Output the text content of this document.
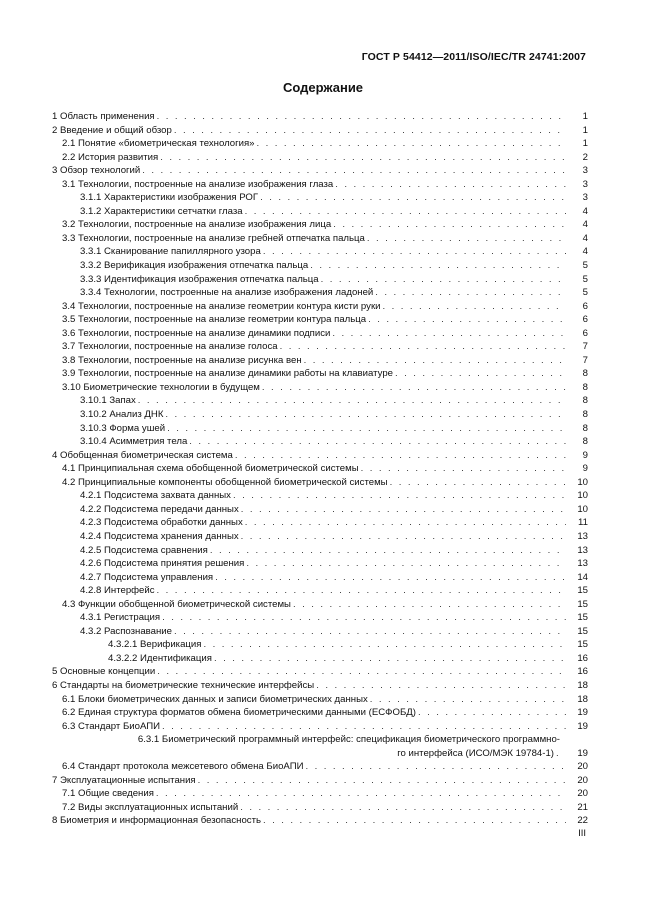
ГОСТ Р 54412—2011/ISO/IEC/TR 24741:2007
Содержание
1 Область применения . . .	1
2 Введение и общий обзор . . .	1
2.1 Понятие «биометрическая технология» . . .	1
2.2 История развития . . .	2
3 Обзор технологий . . .	3
3.1 Технологии, построенные на анализе изображения глаза . . .	3
3.1.1 Характеристики изображения РОГ . . .	3
3.1.2 Характеристики сетчатки глаза . . .	4
3.2 Технологии, построенные на анализе изображения лица . . .	4
3.3 Технологии, построенные на анализе гребней отпечатка пальца . . .	4
3.3.1 Сканирование папиллярного узора . . .	4
3.3.2 Верификация изображения отпечатка пальца . . .	5
3.3.3 Идентификация изображения отпечатка пальца . . .	5
3.3.4 Технологии, построенные на анализе изображения ладоней . . .	5
3.4 Технологии, построенные на анализе геометрии контура кисти руки . . .	6
3.5 Технологии, построенные на анализе геометрии контура пальца . . .	6
3.6 Технологии, построенные на анализе динамики подписи . . .	6
3.7 Технологии, построенные на анализе голоса . . .	7
3.8 Технологии, построенные на анализе рисунка вен . . .	7
3.9 Технологии, построенные на анализе динамики работы на клавиатуре . . .	8
3.10 Биометрические технологии в будущем . . .	8
3.10.1 Запах . . .	8
3.10.2 Анализ ДНК . . .	8
3.10.3 Форма ушей . . .	8
3.10.4 Асимметрия тела . . .	8
4 Обобщенная биометрическая система . . .	9
4.1 Принципиальная схема обобщенной биометрической системы . . .	9
4.2 Принципиальные компоненты обобщенной биометрической системы . . .	10
4.2.1 Подсистема захвата данных . . .	10
4.2.2 Подсистема передачи данных . . .	10
4.2.3 Подсистема обработки данных . . .	11
4.2.4 Подсистема хранения данных . . .	13
4.2.5 Подсистема сравнения . . .	13
4.2.6 Подсистема принятия решения . . .	13
4.2.7 Подсистема управления . . .	14
4.2.8 Интерфейс . . .	15
4.3 Функции обобщенной биометрической системы . . .	15
4.3.1 Регистрация . . .	15
4.3.2 Распознавание . . .	15
4.3.2.1 Верификация . . .	15
4.3.2.2 Идентификация . . .	16
5 Основные концепции . . .	16
6 Стандарты на биометрические технические интерфейсы . . .	18
6.1 Блоки биометрических данных и записи биометрических данных . . .	18
6.2 Единая структура форматов обмена биометрическими данными (ЕСФОБД) . . .	19
6.3 Стандарт БиоАПИ . . .	19
6.3.1 Биометрический программный интерфейс: спецификация биометрического программно-
го интерфейса (ИСО/МЭК 19784-1) . . .	19
6.4 Стандарт протокола межсетевого обмена БиоАПИ . . .	20
7 Эксплуатационные испытания . . .	20
7.1 Общие сведения . . .	20
7.2 Виды эксплуатационных испытаний . . .	21
8 Биометрия и информационная безопасность . . .	22
III
